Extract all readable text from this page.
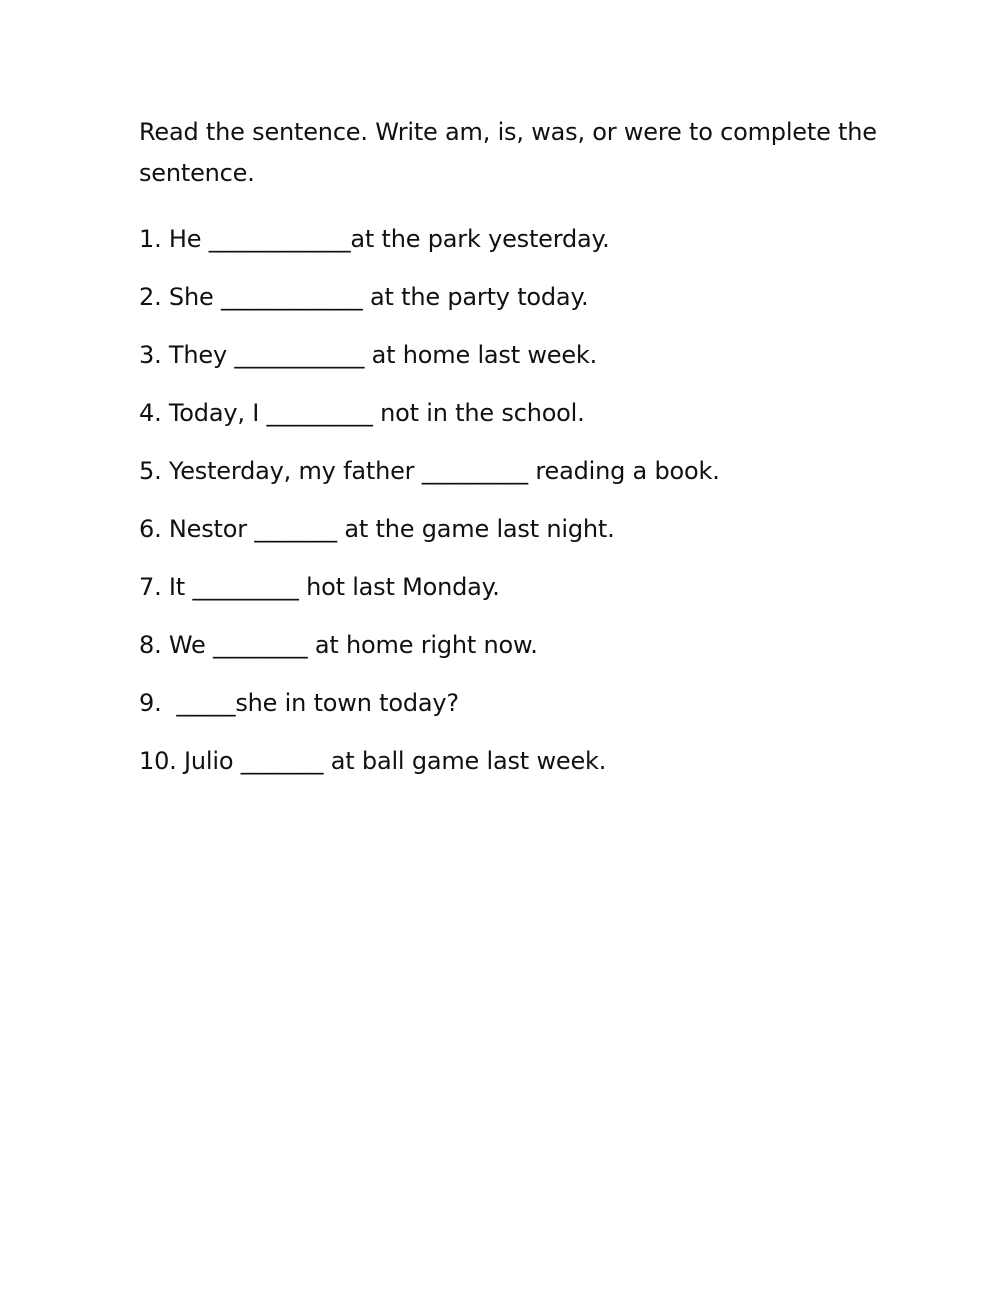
Read the sentence. Write am, is, was, or were to complete the sentence.

1. He ____________at the park yesterday.
2. She ____________ at the party today.
3. They ___________ at home last week.
4. Today, I _________ not in the school.
5. Yesterday, my father _________ reading a book.
6. Nestor _______ at the game last night.
7. It _________ hot last Monday.
8. We ________ at home right now.
9.  _____she in town today?
10. Julio _______ at ball game last week.
